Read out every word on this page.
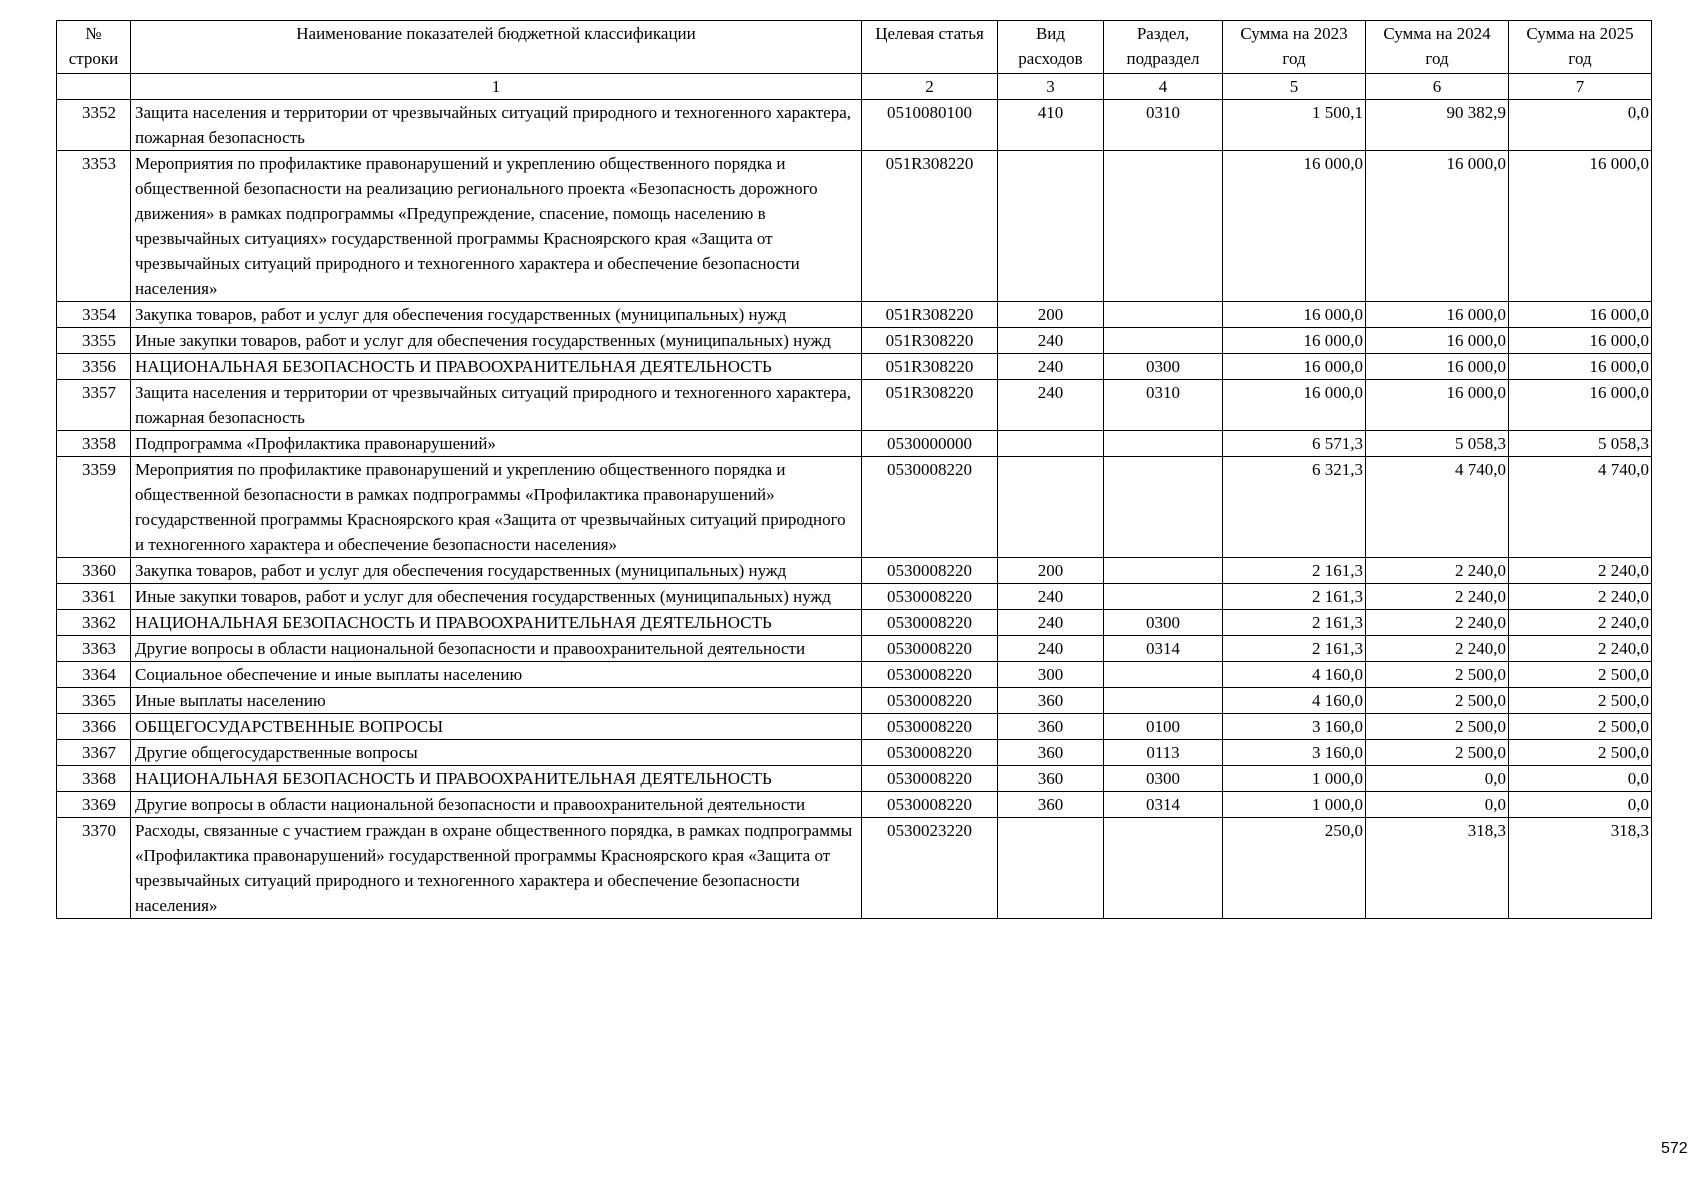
№ строки	Наименование показателей бюджетной классификации	Целевая статья	Вид расходов	Раздел, подраздел	Сумма на 2023 год	Сумма на 2024 год	Сумма на 2025 год
	1	2	3	4	5	6	7
3352	Защита населения и территории от чрезвычайных ситуаций природного и техногенного характера, пожарная безопасность	0510080100	410	0310	1 500,1	90 382,9	0,0
3353	Мероприятия по профилактике правонарушений и укреплению общественного порядка и общественной безопасности на реализацию регионального проекта «Безопасность дорожного движения» в рамках подпрограммы «Предупреждение, спасение, помощь населению в чрезвычайных ситуациях» государственной программы Красноярского края «Защита от чрезвычайных ситуаций природного и техногенного характера и обеспечение безопасности населения»	051R308220			16 000,0	16 000,0	16 000,0
3354	Закупка товаров, работ и услуг для обеспечения государственных (муниципальных) нужд	051R308220	200		16 000,0	16 000,0	16 000,0
3355	Иные закупки товаров, работ и услуг для обеспечения государственных (муниципальных) нужд	051R308220	240		16 000,0	16 000,0	16 000,0
3356	НАЦИОНАЛЬНАЯ БЕЗОПАСНОСТЬ И ПРАВООХРАНИТЕЛЬНАЯ ДЕЯТЕЛЬНОСТЬ	051R308220	240	0300	16 000,0	16 000,0	16 000,0
3357	Защита населения и территории от чрезвычайных ситуаций природного и техногенного характера, пожарная безопасность	051R308220	240	0310	16 000,0	16 000,0	16 000,0
3358	Подпрограмма «Профилактика правонарушений»	0530000000			6 571,3	5 058,3	5 058,3
3359	Мероприятия по профилактике правонарушений и укреплению общественного порядка и общественной безопасности в рамках подпрограммы «Профилактика правонарушений» государственной программы Красноярского края «Защита от чрезвычайных ситуаций природного и техногенного характера и обеспечение безопасности населения»	0530008220			6 321,3	4 740,0	4 740,0
3360	Закупка товаров, работ и услуг для обеспечения государственных (муниципальных) нужд	0530008220	200		2 161,3	2 240,0	2 240,0
3361	Иные закупки товаров, работ и услуг для обеспечения государственных (муниципальных) нужд	0530008220	240		2 161,3	2 240,0	2 240,0
3362	НАЦИОНАЛЬНАЯ БЕЗОПАСНОСТЬ И ПРАВООХРАНИТЕЛЬНАЯ ДЕЯТЕЛЬНОСТЬ	0530008220	240	0300	2 161,3	2 240,0	2 240,0
3363	Другие вопросы в области национальной безопасности и правоохранительной деятельности	0530008220	240	0314	2 161,3	2 240,0	2 240,0
3364	Социальное обеспечение и иные выплаты населению	0530008220	300		4 160,0	2 500,0	2 500,0
3365	Иные выплаты населению	0530008220	360		4 160,0	2 500,0	2 500,0
3366	ОБЩЕГОСУДАРСТВЕННЫЕ ВОПРОСЫ	0530008220	360	0100	3 160,0	2 500,0	2 500,0
3367	Другие общегосударственные вопросы	0530008220	360	0113	3 160,0	2 500,0	2 500,0
3368	НАЦИОНАЛЬНАЯ БЕЗОПАСНОСТЬ И ПРАВООХРАНИТЕЛЬНАЯ ДЕЯТЕЛЬНОСТЬ	0530008220	360	0300	1 000,0	0,0	0,0
3369	Другие вопросы в области национальной безопасности и правоохранительной деятельности	0530008220	360	0314	1 000,0	0,0	0,0
3370	Расходы, связанные с участием граждан в охране общественного порядка, в рамках подпрограммы «Профилактика правонарушений» государственной программы Красноярского края «Защита от чрезвычайных ситуаций природного и техногенного характера и обеспечение безопасности населения»	0530023220			250,0	318,3	318,3
572
